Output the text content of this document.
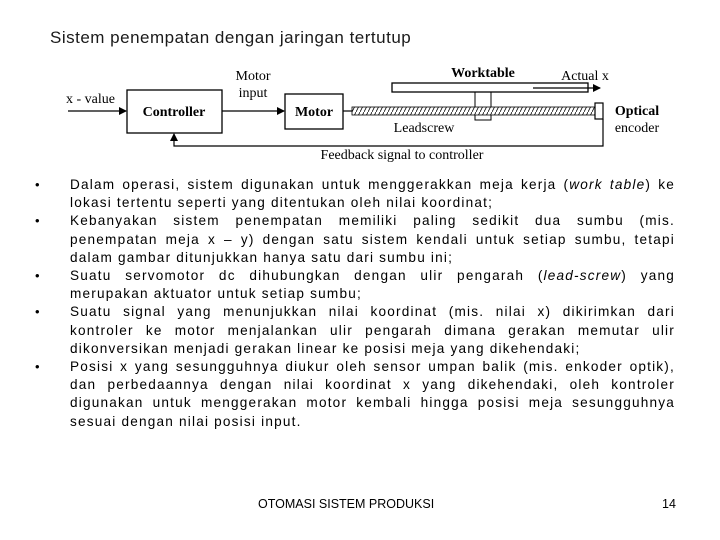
Sistem penempatan dengan jaringan tertutup
x - value
Controller
Motor
input
Motor
Leadscrew
Worktable	Actual x
Optical
encoder
Feedback signal to controller
• Dalam operasi, sistem digunakan untuk menggerakkan meja kerja (work table) ke lokasi tertentu seperti yang ditentukan oleh nilai koordinat;
• Kebanyakan sistem penempatan memiliki paling sedikit dua sumbu (mis. penempatan meja x – y) dengan satu sistem kendali untuk setiap sumbu, tetapi dalam gambar ditunjukkan hanya satu dari sumbu ini;
• Suatu servomotor dc dihubungkan dengan ulir pengarah (lead-screw) yang merupakan aktuator untuk setiap sumbu;
• Suatu signal yang menunjukkan nilai koordinat (mis. nilai x) dikirimkan dari kontroler ke motor menjalankan ulir pengarah dimana gerakan memutar ulir dikonversikan menjadi gerakan linear ke posisi meja yang dikehendaki;
• Posisi x yang sesungguhnya diukur oleh sensor umpan balik (mis. enkoder optik), dan perbedaannya dengan nilai koordinat x yang dikehendaki, oleh kontroler digunakan untuk menggerakan motor kembali hingga posisi meja sesungguhnya sesuai dengan nilai posisi input.
OTOMASI SISTEM PRODUKSI	14
